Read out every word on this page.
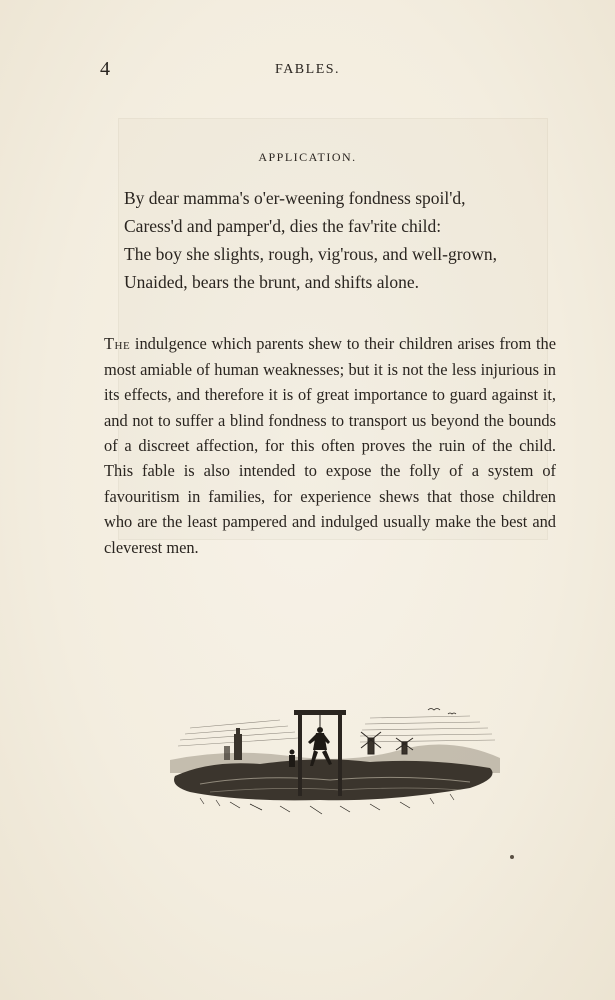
4	FABLES.
APPLICATION.
By dear mamma's o'er-weening fondness spoil'd,
Caress'd and pamper'd, dies the fav'rite child:
The boy she slights, rough, vig'rous, and well-grown,
Unaided, bears the brunt, and shifts alone.

The indulgence which parents shew to their children arises from the most amiable of human weaknesses; but it is not the less injurious in its effects, and therefore it is of great importance to guard against it, and not to suffer a blind fondness to transport us beyond the bounds of a discreet affection, for this often proves the ruin of the child. This fable is also intended to expose the folly of a system of favouritism in families, for experience shews that those children who are the least pampered and indulged usually make the best and cleverest men.
